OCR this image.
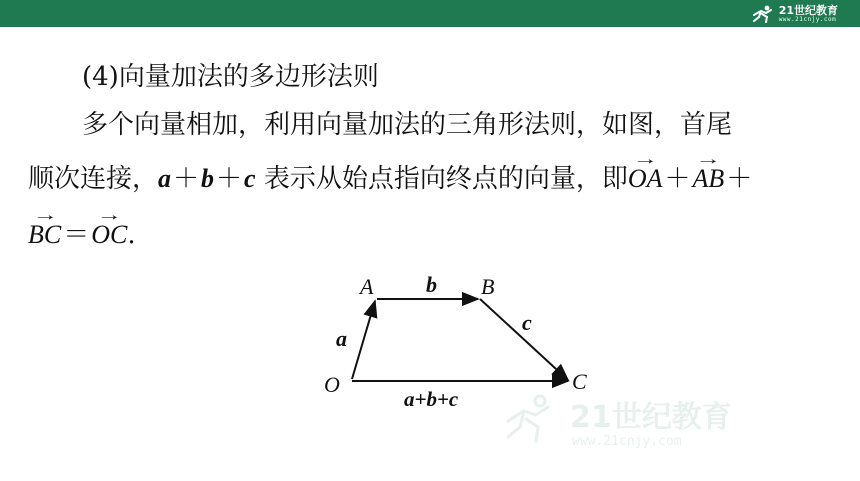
21世纪教育
www.21cnjy.com
(4)向量加法的多边形法则
多个向量相加，利用向量加法的三角形法则，如图，首尾
顺次连接，a＋b＋c 表示从始点指向终点的向量，即→ OA＋→ AB＋
→ BC＝→ OC.
O
A	B
C
a
b
c
a+b+c
21世纪教育
www.21cnjy.com
